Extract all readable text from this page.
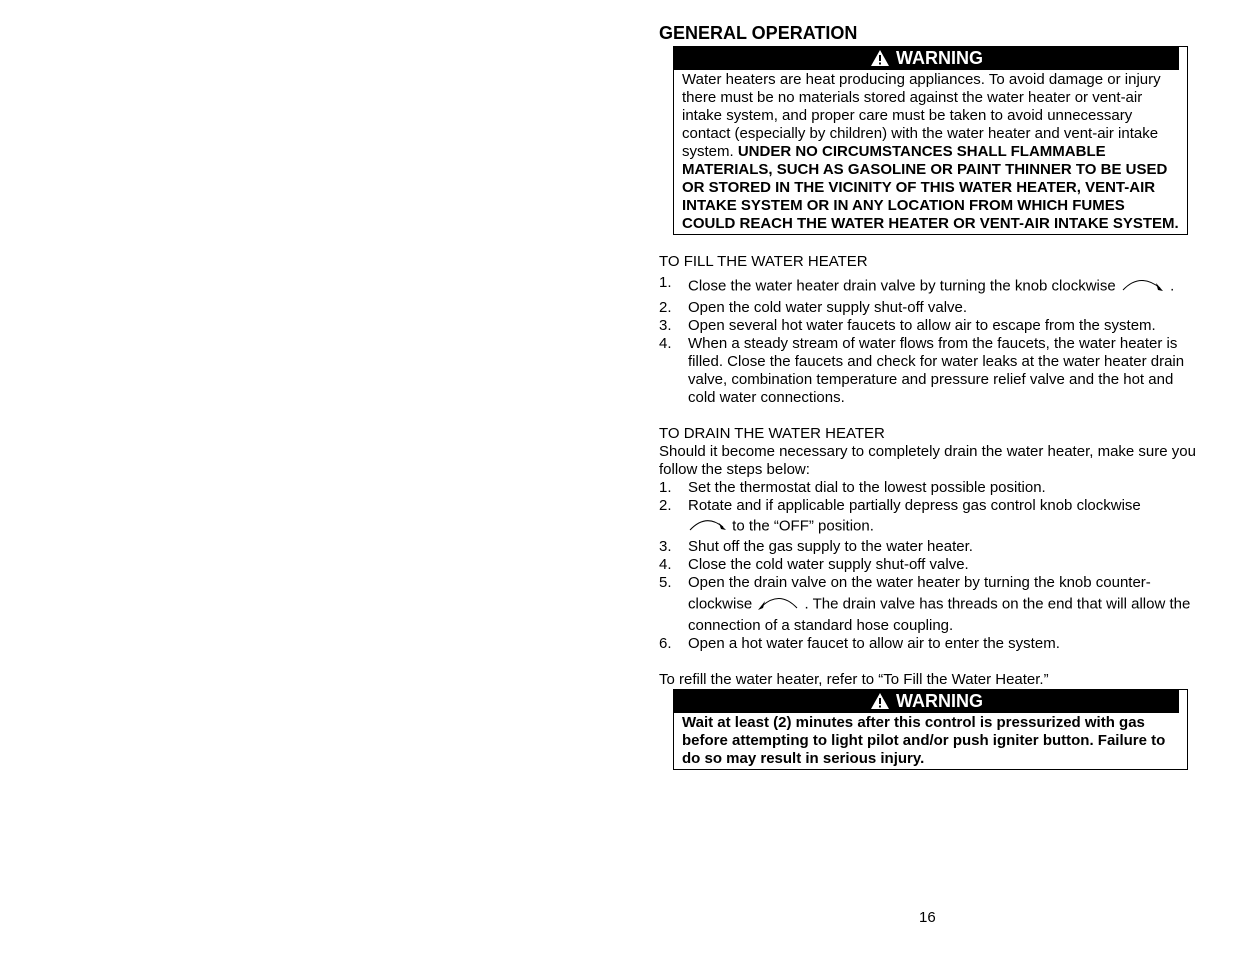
GENERAL OPERATION
WARNING
Water heaters are heat producing appliances. To avoid damage or injury there must be no materials stored against the water heater or vent-air intake system, and proper care must be taken to avoid unnecessary contact (especially by children) with the water heater and vent-air intake system. UNDER NO CIRCUMSTANCES SHALL FLAMMABLE MATERIALS, SUCH AS GASOLINE OR PAINT THINNER TO BE USED OR STORED IN THE VICINITY OF THIS WATER HEATER, VENT-AIR INTAKE SYSTEM OR IN ANY LOCATION FROM WHICH FUMES COULD REACH THE WATER HEATER OR VENT-AIR INTAKE SYSTEM.

TO FILL THE WATER HEATER

1. Close the water heater drain valve by turning the knob clockwise	.
2. Open the cold water supply shut-off valve.
3. Open several hot water faucets to allow air to escape from the system.
4. When a steady stream of water flows from the faucets, the water heater is filled. Close the faucets and check for water leaks at the water heater drain valve, combination temperature and pressure relief valve and the hot and cold water connections.

TO DRAIN THE WATER HEATER

Should it become necessary to completely drain the water heater, make sure you follow the steps below:

1. Set the thermostat dial to the lowest possible position.
2. Rotate and if applicable partially depress gas control knob clockwise
to the “OFF” position.
3. Shut off the gas supply to the water heater.
4. Close the cold water supply shut-off valve.
5. Open the drain valve on the water heater by turning the knob counter-clockwise	. The drain valve has threads on the end that will allow the connection of a standard hose coupling.
6. Open a hot water faucet to allow air to enter the system.

To refill the water heater, refer to “To Fill the Water Heater.”

WARNING
Wait at least (2) minutes after this control is pressurized with gas before attempting to light pilot and/or push igniter button. Failure to do so may result in serious injury.
16
